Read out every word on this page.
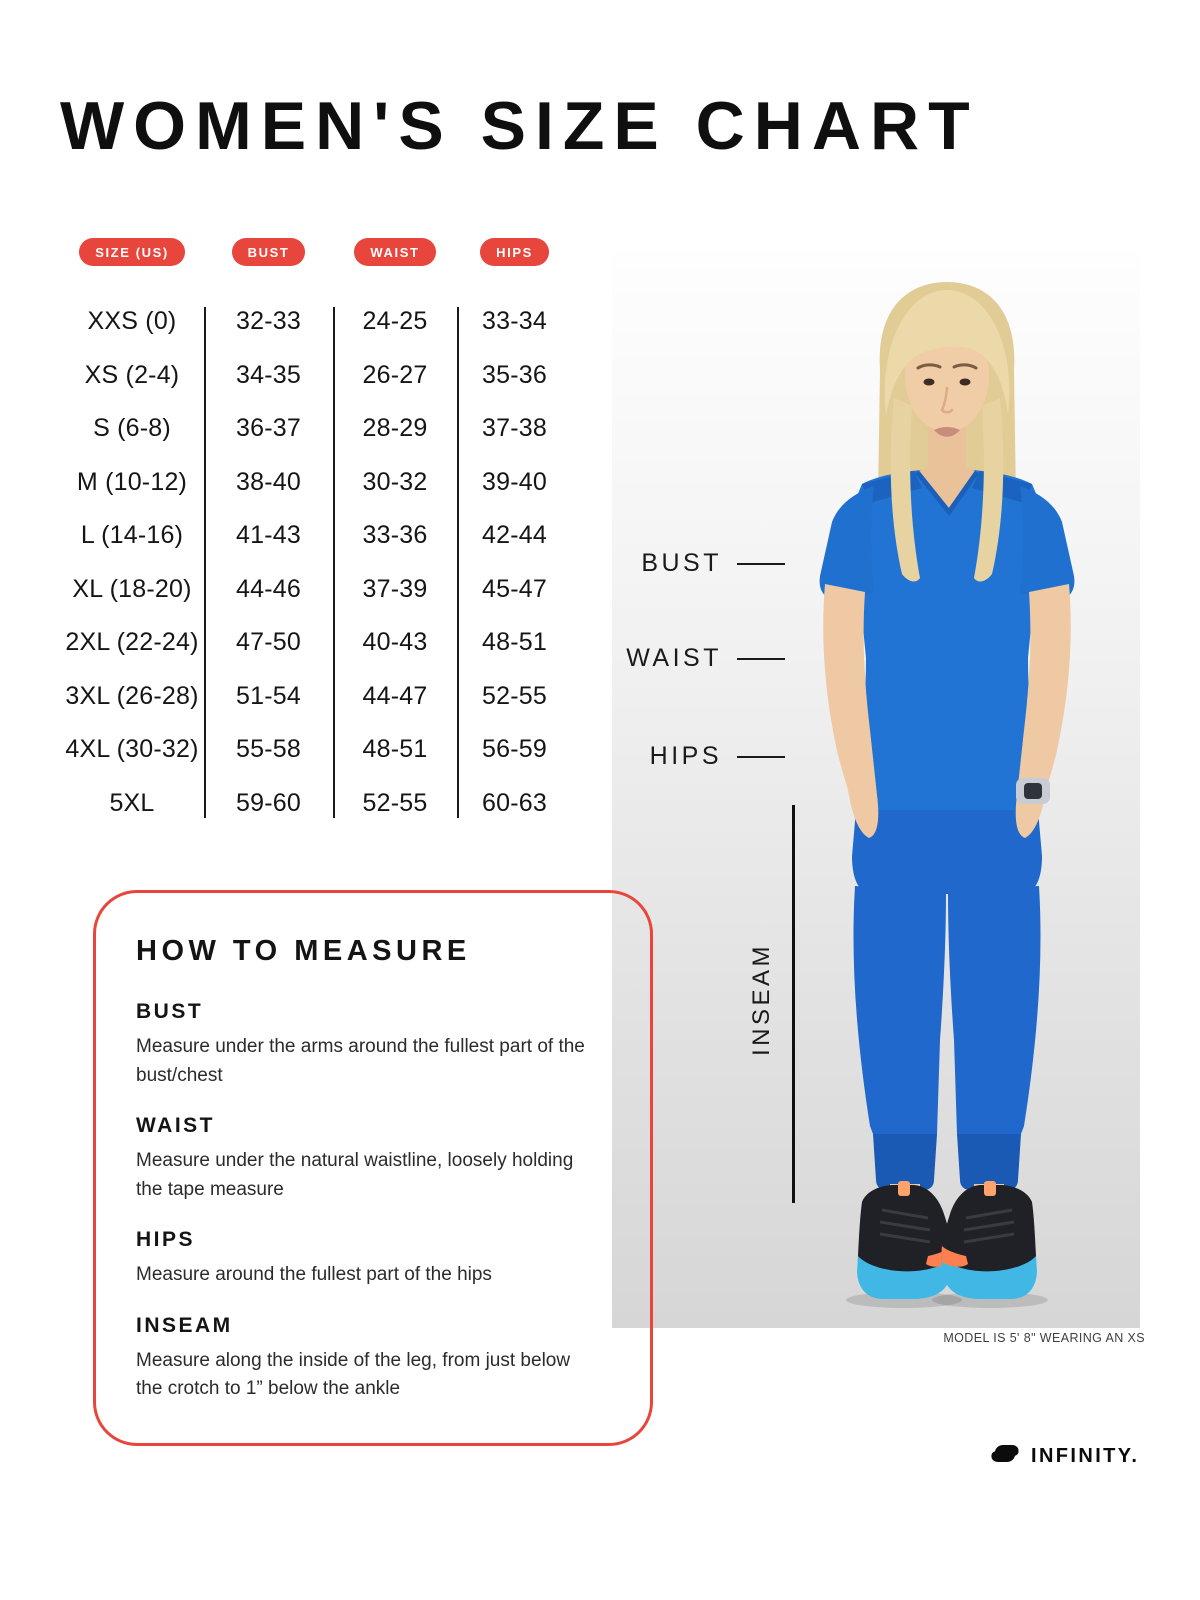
WOMEN'S SIZE CHART
SIZE (US)	BUST	WAIST	HIPS
XXS (0)	32-33	24-25	33-34
XS (2-4)	34-35	26-27	35-36
S (6-8)	36-37	28-29	37-38
M (10-12)	38-40	30-32	39-40
L (14-16)	41-43	33-36	42-44
XL (18-20)	44-46	37-39	45-47
2XL (22-24)	47-50	40-43	48-51
3XL (26-28)	51-54	44-47	52-55
4XL (30-32)	55-58	48-51	56-59
5XL	59-60	52-55	60-63
BUST
WAIST
HIPS
INSEAM
MODEL IS 5' 8" WEARING AN XS
HOW TO MEASURE
BUST
Measure under the arms around the fullest part of the bust/chest
WAIST
Measure under the natural waistline, loosely holding the tape measure
HIPS
Measure around the fullest part of the hips
INSEAM
Measure along the inside of the leg, from just below the crotch to 1” below the ankle
INFINITY.
